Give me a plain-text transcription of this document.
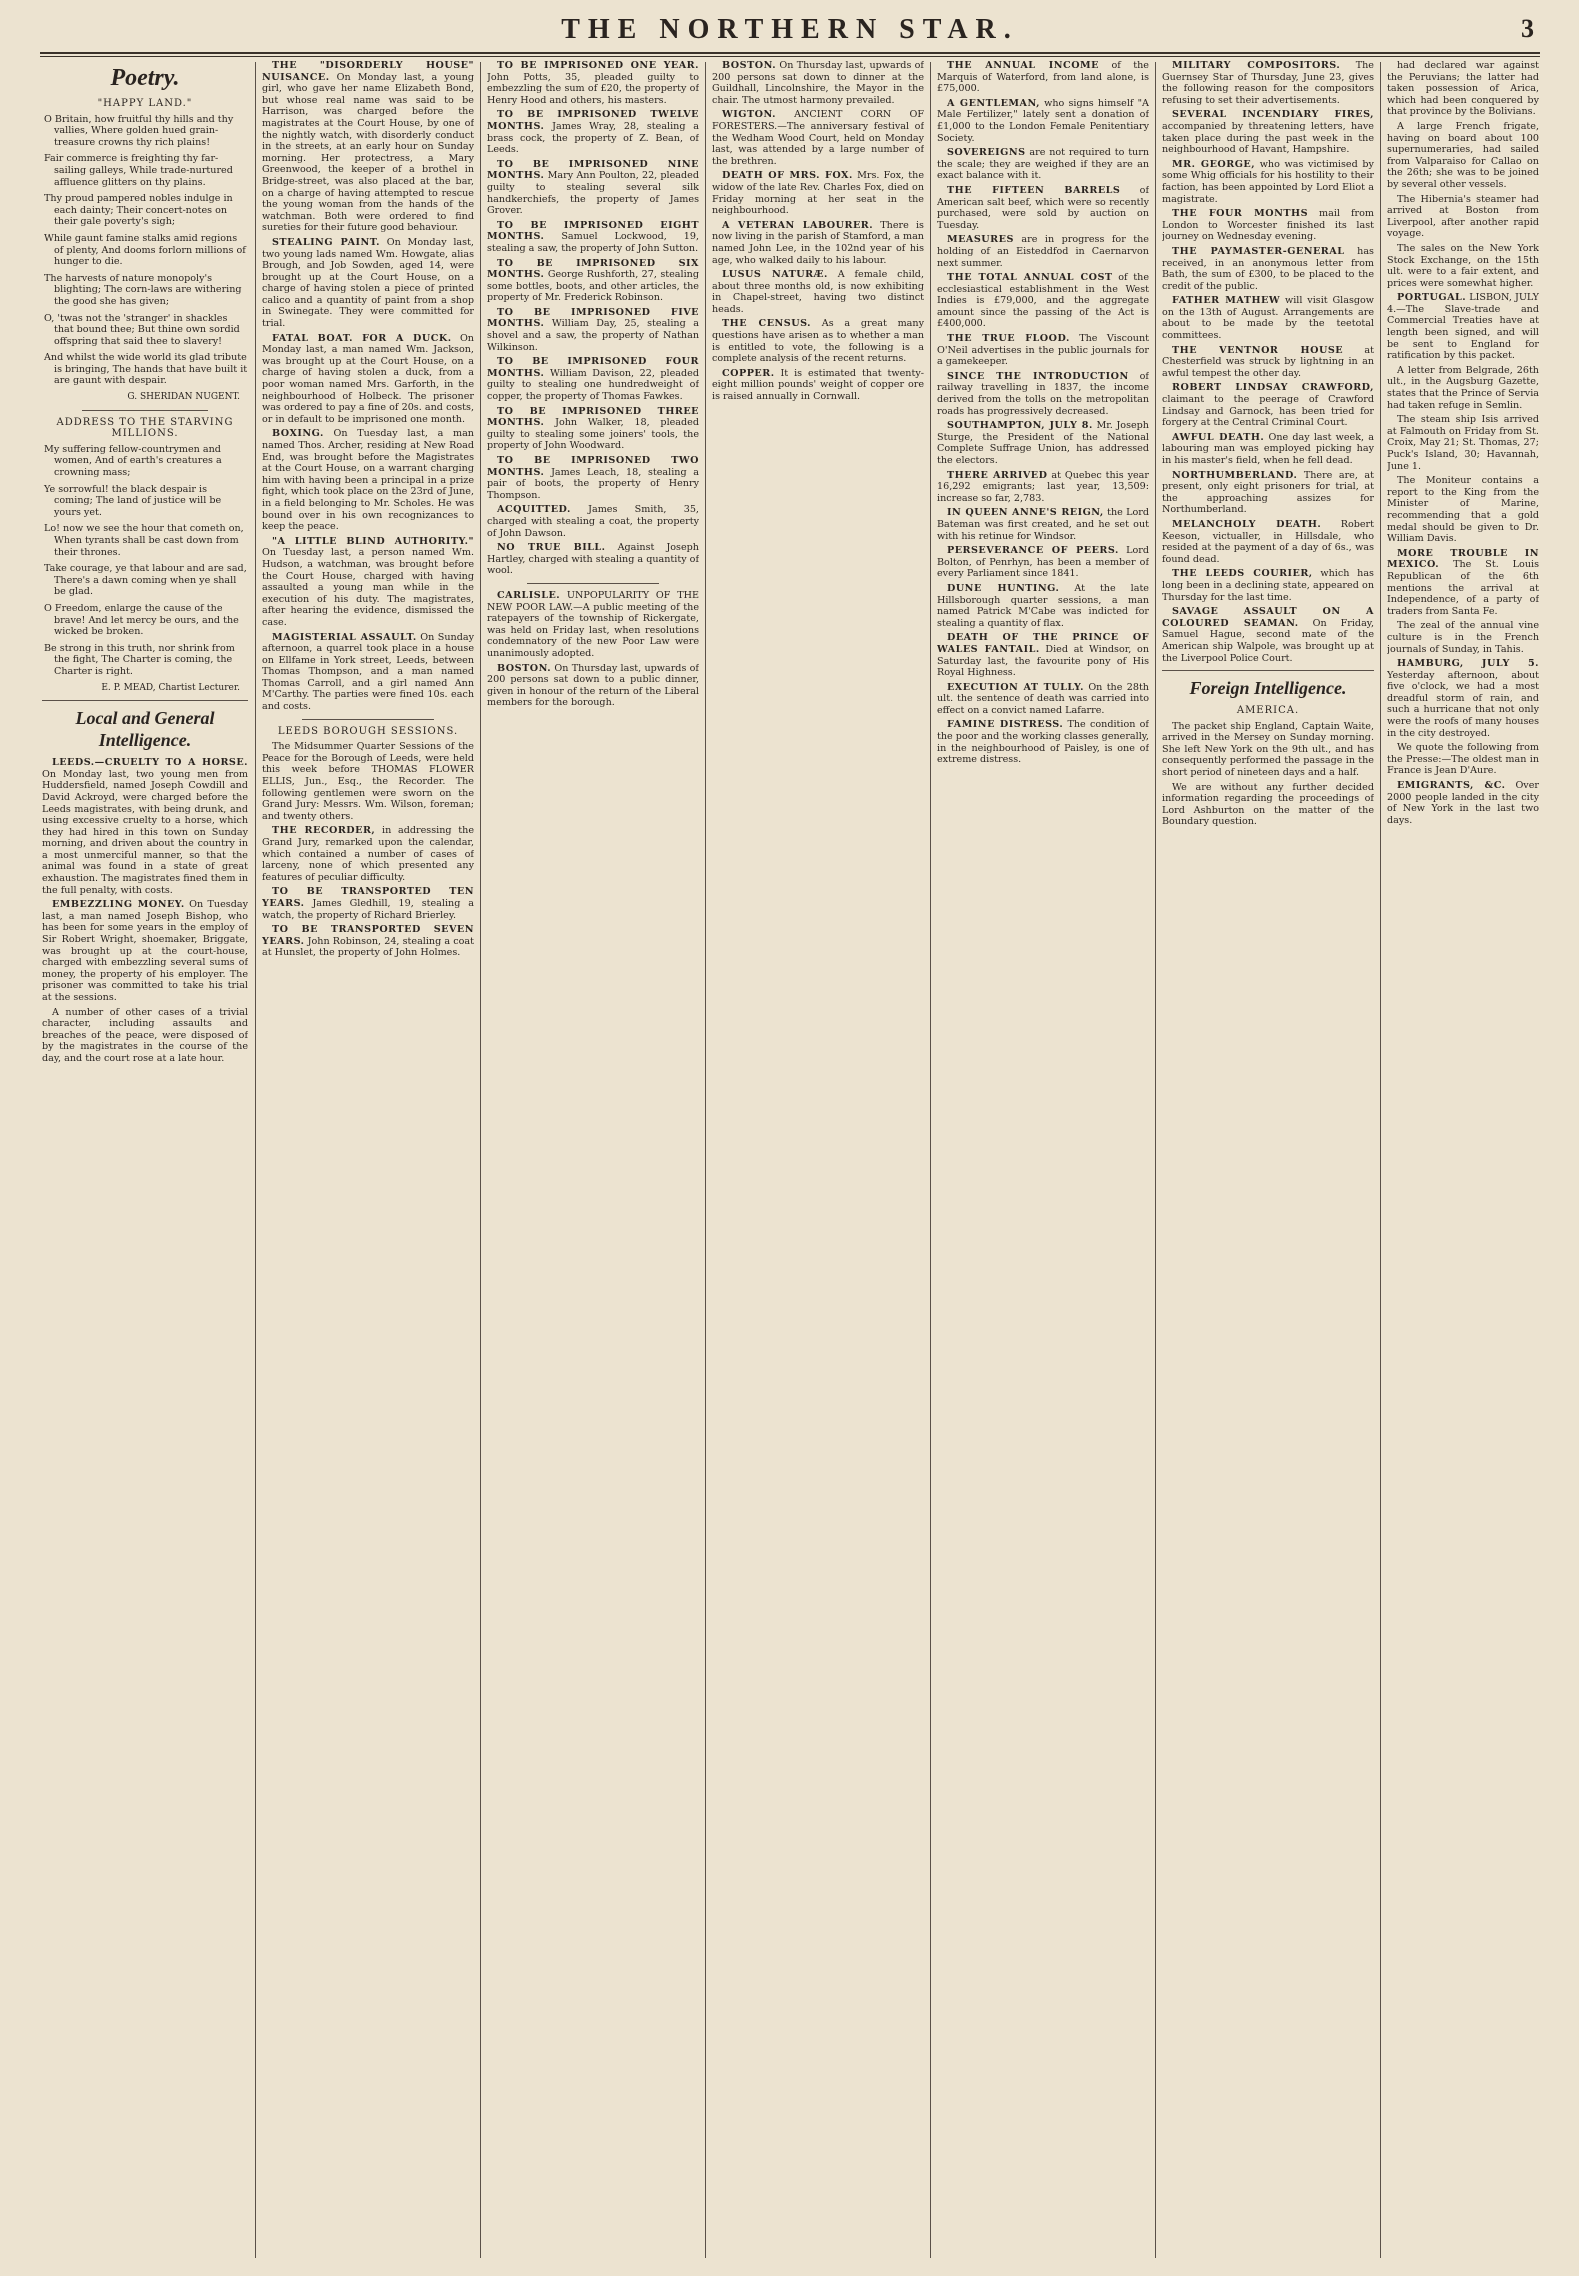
THE NORTHERN STAR.	3
Poetry.
"HAPPY LAND."

O Britain, how fruitful thy hills and thy vallies, Where golden hued grain-treasure crowns thy rich plains!

Fair commerce is freighting thy far-sailing galleys, While trade-nurtured affluence glitters on thy plains.

Thy proud pampered nobles indulge in each dainty; Their concert-notes on their gale poverty's sigh;

While gaunt famine stalks amid regions of plenty, And dooms forlorn millions of hunger to die.

The harvests of nature monopoly's blighting; The corn-laws are withering the good she has given;

O, 'twas not the 'stranger' in shackles that bound thee; But thine own sordid offspring that said thee to slavery!

And whilst the wide world its glad tribute is bringing, The hands that have built it are gaunt with despair.

G. SHERIDAN NUGENT.
ADDRESS TO THE STARVING MILLIONS.

My suffering fellow-countrymen and women, And of earth's creatures a crowning mass;

Ye sorrowful! the black despair is coming; The land of justice will be yours yet.

Lo! now we see the hour that cometh on, When tyrants shall be cast down from their thrones.

Take courage, ye that labour and are sad, There's a dawn coming when ye shall be glad.

O Freedom, enlarge the cause of the brave! And let mercy be ours, and the wicked be broken.

Be strong in this truth, nor shrink from the fight, The Charter is coming, the Charter is right.

E. P. MEAD, Chartist Lecturer.
Local and General Intelligence.

LEEDS.—CRUELTY TO A HORSE. On Monday last, two young men from Huddersfield, named Joseph Cowdill and David Ackroyd, were charged before the Leeds magistrates, with being drunk, and using excessive cruelty to a horse, which they had hired in this town on Sunday morning, and driven about the country in a most unmerciful manner, so that the animal was found in a state of great exhaustion. The magistrates fined them in the full penalty, with costs.

EMBEZZLING MONEY. On Tuesday last, a man named Joseph Bishop, who has been for some years in the employ of Sir Robert Wright, shoemaker, Briggate, was brought up at the court-house, charged with embezzling several sums of money, the property of his employer. The prisoner was committed to take his trial at the sessions.

A number of other cases of a trivial character, including assaults and breaches of the peace, were disposed of by the magistrates in the course of the day, and the court rose at a late hour.

THE "DISORDERLY HOUSE" NUISANCE. On Monday last, a young girl, who gave her name Elizabeth Bond, but whose real name was said to be Harrison, was charged before the magistrates at the Court House, by one of the nightly watch, with disorderly conduct in the streets, at an early hour on Sunday morning. Her protectress, a Mary Greenwood, the keeper of a brothel in Bridge-street, was also placed at the bar, on a charge of having attempted to rescue the young woman from the hands of the watchman. Both were ordered to find sureties for their future good behaviour.

STEALING PAINT. On Monday last, two young lads named Wm. Howgate, alias Brough, and Job Sowden, aged 14, were brought up at the Court House, on a charge of having stolen a piece of printed calico and a quantity of paint from a shop in Swinegate. They were committed for trial.

FATAL BOAT. FOR A DUCK. On Monday last, a man named Wm. Jackson, was brought up at the Court House, on a charge of having stolen a duck, from a poor woman named Mrs. Garforth, in the neighbourhood of Holbeck. The prisoner was ordered to pay a fine of 20s. and costs, or in default to be imprisoned one month.

BOXING. On Tuesday last, a man named Thos. Archer, residing at New Road End, was brought before the Magistrates at the Court House, on a warrant charging him with having been a principal in a prize fight, which took place on the 23rd of June, in a field belonging to Mr. Scholes. He was bound over in his own recognizances to keep the peace.

"A LITTLE BLIND AUTHORITY." On Tuesday last, a person named Wm. Hudson, a watchman, was brought before the Court House, charged with having assaulted a young man while in the execution of his duty. The magistrates, after hearing the evidence, dismissed the case.

MAGISTERIAL ASSAULT. On Sunday afternoon, a quarrel took place in a house on Ellfame in York street, Leeds, between Thomas Thompson, and a man named Thomas Carroll, and a girl named Ann M'Carthy. The parties were fined 10s. each and costs.

LEEDS BOROUGH SESSIONS.

The Midsummer Quarter Sessions of the Peace for the Borough of Leeds, were held this week before THOMAS FLOWER ELLIS, Jun., Esq., the Recorder. The following gentlemen were sworn on the Grand Jury: Messrs. Wm. Wilson, foreman; and twenty others.

THE RECORDER, in addressing the Grand Jury, remarked upon the calendar, which contained a number of cases of larceny, none of which presented any features of peculiar difficulty.

TO BE TRANSPORTED TEN YEARS. James Gledhill, 19, stealing a watch, the property of Richard Brierley.

TO BE TRANSPORTED SEVEN YEARS. John Robinson, 24, stealing a coat at Hunslet, the property of John Holmes.

TO BE IMPRISONED ONE YEAR. John Potts, 35, pleaded guilty to embezzling the sum of £20, the property of Henry Hood and others, his masters.

TO BE IMPRISONED TWELVE MONTHS. James Wray, 28, stealing a brass cock, the property of Z. Bean, of Leeds.

TO BE IMPRISONED NINE MONTHS. Mary Ann Poulton, 22, pleaded guilty to stealing several silk handkerchiefs, the property of James Grover.

TO BE IMPRISONED EIGHT MONTHS. Samuel Lockwood, 19, stealing a saw, the property of John Sutton.

TO BE IMPRISONED SIX MONTHS. George Rushforth, 27, stealing some bottles, boots, and other articles, the property of Mr. Frederick Robinson.

TO BE IMPRISONED FIVE MONTHS. William Day, 25, stealing a shovel and a saw, the property of Nathan Wilkinson.

TO BE IMPRISONED FOUR MONTHS. William Davison, 22, pleaded guilty to stealing one hundredweight of copper, the property of Thomas Fawkes.

TO BE IMPRISONED THREE MONTHS. John Walker, 18, pleaded guilty to stealing some joiners' tools, the property of John Woodward.

TO BE IMPRISONED TWO MONTHS. James Leach, 18, stealing a pair of boots, the property of Henry Thompson.

ACQUITTED. James Smith, 35, charged with stealing a coat, the property of John Dawson.

NO TRUE BILL. Against Joseph Hartley, charged with stealing a quantity of wool.

CARLISLE. UNPOPULARITY OF THE NEW POOR LAW.—A public meeting of the ratepayers of the township of Rickergate, was held on Friday last, when resolutions condemnatory of the new Poor Law were unanimously adopted.

BOSTON. On Thursday last, upwards of 200 persons sat down to a public dinner, given in honour of the return of the Liberal members for the borough.

BOSTON. On Thursday last, upwards of 200 persons sat down to dinner at the Guildhall, Lincolnshire, the Mayor in the chair. The utmost harmony prevailed.

WIGTON. ANCIENT CORN OF FORESTERS.—The anniversary festival of the Wedham Wood Court, held on Monday last, was attended by a large number of the brethren.

DEATH OF MRS. FOX. Mrs. Fox, the widow of the late Rev. Charles Fox, died on Friday morning at her seat in the neighbourhood.

A VETERAN LABOURER. There is now living in the parish of Stamford, a man named John Lee, in the 102nd year of his age, who walked daily to his labour.

LUSUS NATURÆ. A female child, about three months old, is now exhibiting in Chapel-street, having two distinct heads.

THE CENSUS. As a great many questions have arisen as to whether a man is entitled to vote, the following is a complete analysis of the recent returns.

COPPER. It is estimated that twenty-eight million pounds' weight of copper ore is raised annually in Cornwall.

THE ANNUAL INCOME of the Marquis of Waterford, from land alone, is £75,000.

A GENTLEMAN, who signs himself "A Male Fertilizer," lately sent a donation of £1,000 to the London Female Penitentiary Society.

SOVEREIGNS are not required to turn the scale; they are weighed if they are an exact balance with it.

THE FIFTEEN BARRELS of American salt beef, which were so recently purchased, were sold by auction on Tuesday.

MEASURES are in progress for the holding of an Eisteddfod in Caernarvon next summer.

THE TOTAL ANNUAL COST of the ecclesiastical establishment in the West Indies is £79,000, and the aggregate amount since the passing of the Act is £400,000.

THE TRUE FLOOD. The Viscount O'Neil advertises in the public journals for a gamekeeper.

SINCE THE INTRODUCTION of railway travelling in 1837, the income derived from the tolls on the metropolitan roads has progressively decreased.

SOUTHAMPTON, JULY 8. Mr. Joseph Sturge, the President of the National Complete Suffrage Union, has addressed the electors.

THERE ARRIVED at Quebec this year 16,292 emigrants; last year, 13,509: increase so far, 2,783.

IN QUEEN ANNE'S REIGN, the Lord Bateman was first created, and he set out with his retinue for Windsor.

PERSEVERANCE OF PEERS. Lord Bolton, of Penrhyn, has been a member of every Parliament since 1841.

DUNE HUNTING. At the late Hillsborough quarter sessions, a man named Patrick M'Cabe was indicted for stealing a quantity of flax.

DEATH OF THE PRINCE OF WALES FANTAIL. Died at Windsor, on Saturday last, the favourite pony of His Royal Highness.

EXECUTION AT TULLY. On the 28th ult. the sentence of death was carried into effect on a convict named Lafarre.

FAMINE DISTRESS. The condition of the poor and the working classes generally, in the neighbourhood of Paisley, is one of extreme distress.

MILITARY COMPOSITORS. The Guernsey Star of Thursday, June 23, gives the following reason for the compositors refusing to set their advertisements.

SEVERAL INCENDIARY FIRES, accompanied by threatening letters, have taken place during the past week in the neighbourhood of Havant, Hampshire.

MR. GEORGE, who was victimised by some Whig officials for his hostility to their faction, has been appointed by Lord Eliot a magistrate.

THE FOUR MONTHS mail from London to Worcester finished its last journey on Wednesday evening.

THE PAYMASTER-GENERAL has received, in an anonymous letter from Bath, the sum of £300, to be placed to the credit of the public.

FATHER MATHEW will visit Glasgow on the 13th of August. Arrangements are about to be made by the teetotal committees.

THE VENTNOR HOUSE at Chesterfield was struck by lightning in an awful tempest the other day.

ROBERT LINDSAY CRAWFORD, claimant to the peerage of Crawford Lindsay and Garnock, has been tried for forgery at the Central Criminal Court.

AWFUL DEATH. One day last week, a labouring man was employed picking hay in his master's field, when he fell dead.

NORTHUMBERLAND. There are, at present, only eight prisoners for trial, at the approaching assizes for Northumberland.

MELANCHOLY DEATH. Robert Keeson, victualler, in Hillsdale, who resided at the payment of a day of 6s., was found dead.

THE LEEDS COURIER, which has long been in a declining state, appeared on Thursday for the last time.

SAVAGE ASSAULT ON A COLOURED SEAMAN. On Friday, Samuel Hague, second mate of the American ship Walpole, was brought up at the Liverpool Police Court.

Foreign Intelligence.
AMERICA.

The packet ship England, Captain Waite, arrived in the Mersey on Sunday morning. She left New York on the 9th ult., and has consequently performed the passage in the short period of nineteen days and a half.

We are without any further decided information regarding the proceedings of Lord Ashburton on the matter of the Boundary question.

had declared war against the Peruvians; the latter had taken possession of Arica, which had been conquered by that province by the Bolivians.

A large French frigate, having on board about 100 supernumeraries, had sailed from Valparaiso for Callao on the 26th; she was to be joined by several other vessels.

The Hibernia's steamer had arrived at Boston from Liverpool, after another rapid voyage.

The sales on the New York Stock Exchange, on the 15th ult. were to a fair extent, and prices were somewhat higher.

PORTUGAL. LISBON, JULY 4.—The Slave-trade and Commercial Treaties have at length been signed, and will be sent to England for ratification by this packet.

A letter from Belgrade, 26th ult., in the Augsburg Gazette, states that the Prince of Servia had taken refuge in Semlin.

The steam ship Isis arrived at Falmouth on Friday from St. Croix, May 21; St. Thomas, 27; Puck's Island, 30; Havannah, June 1.

The Moniteur contains a report to the King from the Minister of Marine, recommending that a gold medal should be given to Dr. William Davis.

MORE TROUBLE IN MEXICO. The St. Louis Republican of the 6th mentions the arrival at Independence, of a party of traders from Santa Fe.

The zeal of the annual vine culture is in the French journals of Sunday, in Tahis.

HAMBURG, JULY 5. Yesterday afternoon, about five o'clock, we had a most dreadful storm of rain, and such a hurricane that not only were the roofs of many houses in the city destroyed.

We quote the following from the Presse:—The oldest man in France is Jean D'Aure.

EMIGRANTS, &C. Over 2000 people landed in the city of New York in the last two days.
